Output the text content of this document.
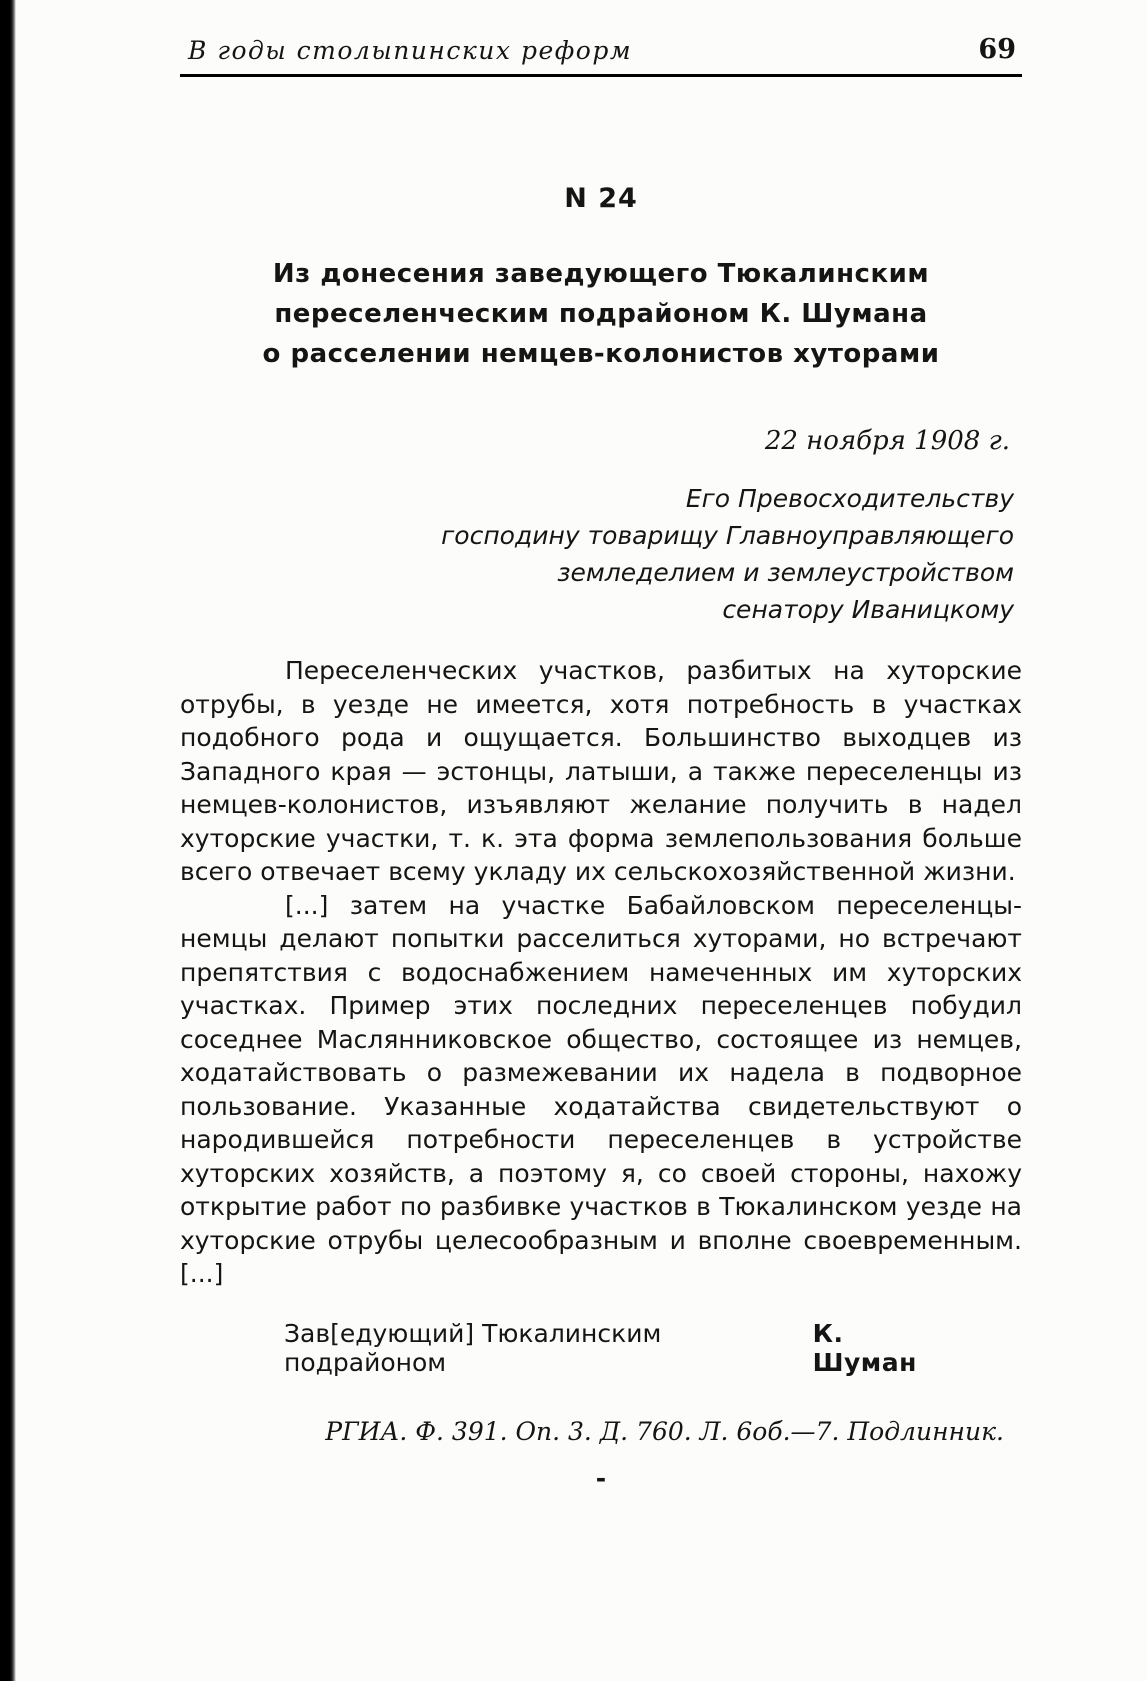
В годы столыпинских реформ	69
N 24
Из донесения заведующего Тюкалинским
переселенческим подрайоном К. Шумана
о расселении немцев-колонистов хуторами
22 ноября 1908 г.
Его Превосходительству
господину товарищу Главноуправляющего
земледелием и землеустройством
сенатору Иваницкому

Переселенческих участков, разбитых на хуторские отрубы, в уезде не имеется, хотя потребность в участках подобного рода и ощущается. Большинство выходцев из Западного края — эстонцы, латыши, а также переселенцы из немцев-колонистов, изъявляют желание получить в надел хуторские участки, т. к. эта форма землепользования больше всего отвечает всему укладу их сельскохозяйственной жизни.

[...] затем на участке Бабайловском переселенцы-немцы делают попытки расселиться хуторами, но встречают препятствия с водоснабжением намеченных им хуторских участках. Пример этих последних переселенцев побудил соседнее Маслянниковское общество, состоящее из немцев, ходатайствовать о размежевании их надела в подворное пользование. Указанные ходатайства свидетельствуют о народившейся потребности переселенцев в устройстве хуторских хозяйств, а поэтому я, со своей стороны, нахожу открытие работ по разбивке участков в Тюкалинском уезде на хуторские отрубы целесообразным и вполне своевременным. [...]

Зав[едующий] Тюкалинским подрайоном
К. Шуман
РГИА. Ф. 391. Оп. 3. Д. 760. Л. 6об.—7. Подлинник.
-
